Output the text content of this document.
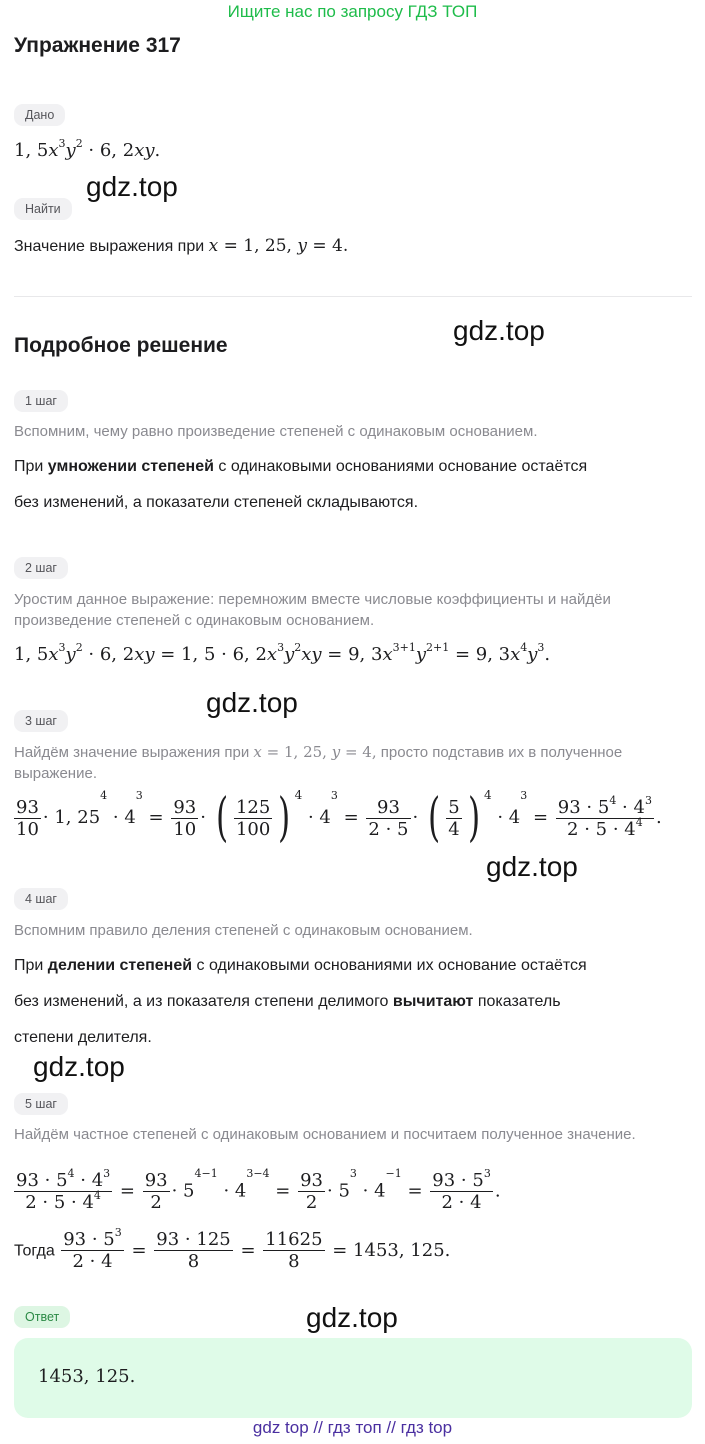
Ищите нас по запросу ГДЗ ТОП
Упражнение 317
Дано
1, $5x^3y^2 \cdot 6$, 2xy.
gdz.top
Найти
Значение выражения при x = 1, 25, y = 4.
gdz.top
Подробное решение
1 шаг
Вспомним, чему равно произведение степеней с одинаковым основанием.
При умножении степеней с одинаковыми основаниями основание остаётся
без изменений, а показатели степеней складываются.
2 шаг
Уростим данное выражение: перемножим вместе числовые коэффициенты и найдёи произведение степеней с одинаковым основанием.
1, $5x^3y^2 \cdot 6$, 2xy = 1, 5 · 6, $2x^3y^2xy = 9$, $3x^{3+1}y^{2+1} = 9$, $3x^4y^3$.
gdz.top
3 шаг
Найдём значение выражения при x = 1, 25, y = 4, просто подставив их в полученное выражение.
$\frac{93}{10} \cdot 1$, $25^4 \cdot 4^3 = \frac{93}{10}$ · ( $\frac{125}{100}$ ) $4 \cdot 4^3 = \frac{93}{2 \cdot 5}$ · ( $\frac{5}{4}$ ) $4 \cdot 4^3 = \frac{93 \cdot 5^4 \cdot 4^3}{2 \cdot 5 \cdot 4^4}$ .
gdz.top
4 шаг
Вспомним правило деления степеней с одинаковым основанием.
При делении степеней с одинаковыми основаниями их основание остаётся
без изменений, а из показателя степени делимого вычитают показатель
степени делителя.
gdz.top
5 шаг
Найдём частное степеней с одинаковым основанием и посчитаем полученное значение.
$\frac{93 \cdot 5^4 \cdot 4^3}{2 \cdot 5 \cdot 4^4} = \frac{93}{2} \cdot 5^{4-1} \cdot 4^{3-4} = \frac{93}{2} \cdot 5^3 \cdot 4^{-1} = \frac{93 \cdot 5^3}{2 \cdot 4}$ .
Тогда $\frac{93 \cdot 5^3}{2 \cdot 4} = \frac{93 \cdot 125}{8} = \frac{11625}{8} = 1453$, 125.
Ответ	gdz.top
1453, 125.
gdz top // гдз топ // гдз top
